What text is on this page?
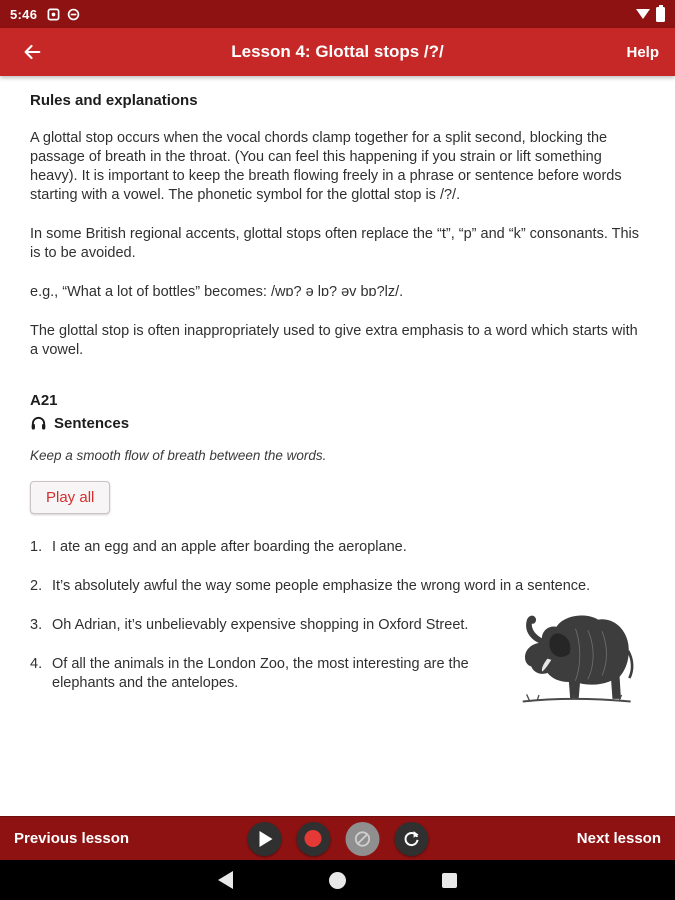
5:46
Lesson 4: Glottal stops /?/	Help
Rules and explanations

A glottal stop occurs when the vocal chords clamp together for a split second, blocking the passage of breath in the throat. (You can feel this happening if you strain or lift something heavy). It is important to keep the breath flowing freely in a phrase or sentence before words starting with a vowel. The phonetic symbol for the glottal stop is /?/.

In some British regional accents, glottal stops often replace the “t”, “p” and “k” consonants. This is to be avoided.

e.g., “What a lot of bottles” becomes: /wɒ? ə lɒ? əv bɒ?lz/.

The glottal stop is often inappropriately used to give extra emphasis to a word which starts with a vowel.

A21
Sentences
Keep a smooth flow of breath between the words.
Play all

1. I ate an egg and an apple after boarding the aeroplane.

2. It’s absolutely awful the way some people emphasize the wrong word in a sentence.

3. Oh Adrian, it’s unbelievably expensive shopping in Oxford Street.

4. Of all the animals in the London Zoo, the most interesting are the elephants and the antelopes.

Previous lesson	Next lesson
